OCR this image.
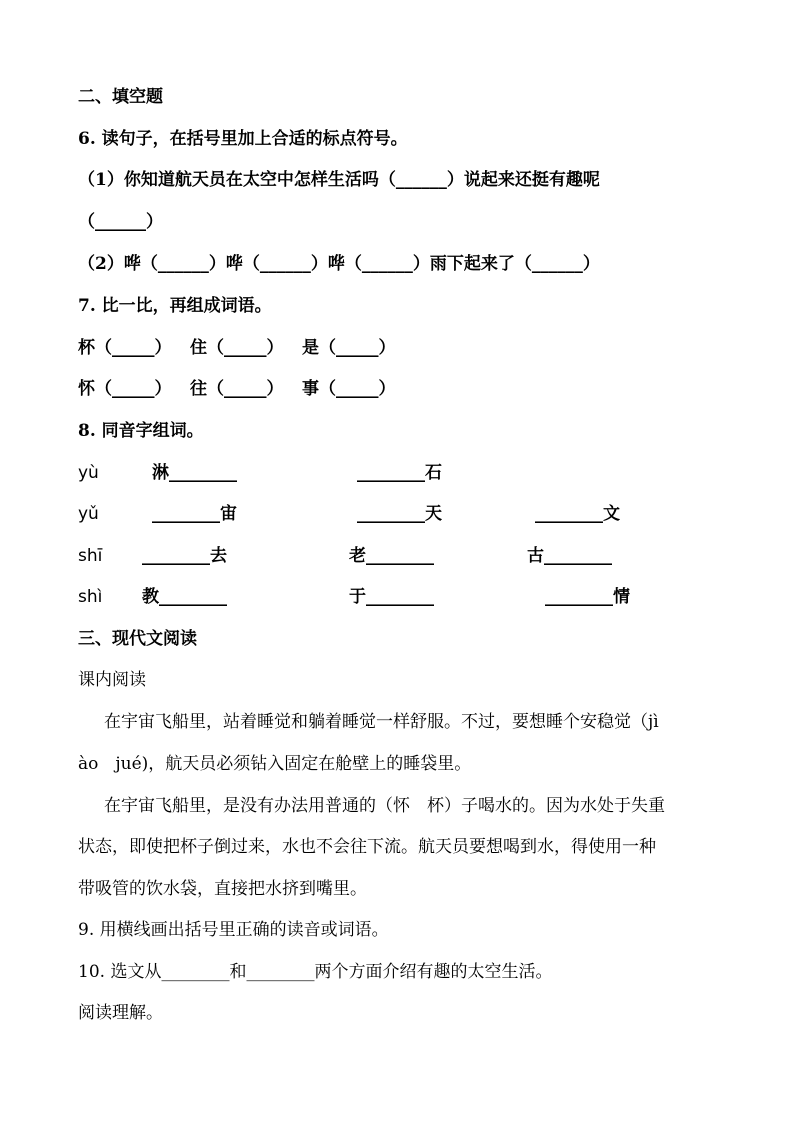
二、填空题
6. 读句子，在括号里加上合适的标点符号。
（1）你知道航天员在太空中怎样生活吗（______）说起来还挺有趣呢
（______）
（2）哗（______）哗（______）哗（______）雨下起来了（______）
7. 比一比，再组成词语。
杯（_____） 住（_____） 是（_____）
怀（_____） 往（_____） 事（_____）
8. 同音字组词。
yù	淋________	________石
yǔ	________宙	________天	________文
shī ________去	老________	古________
shì 教________	于________	________情
三、现代文阅读
课内阅读
在宇宙飞船里，站着睡觉和躺着睡觉一样舒服。不过，要想睡个安稳觉（jì
ào　jué)，航天员必须钻入固定在舱壁上的睡袋里。
在宇宙飞船里，是没有办法用普通的（怀　杯）子喝水的。因为水处于失重
状态，即使把杯子倒过来，水也不会往下流。航天员要想喝到水，得使用一种
带吸管的饮水袋，直接把水挤到嘴里。
9. 用横线画出括号里正确的读音或词语。
10. 选文从________和________两个方面介绍有趣的太空生活。
阅读理解。
